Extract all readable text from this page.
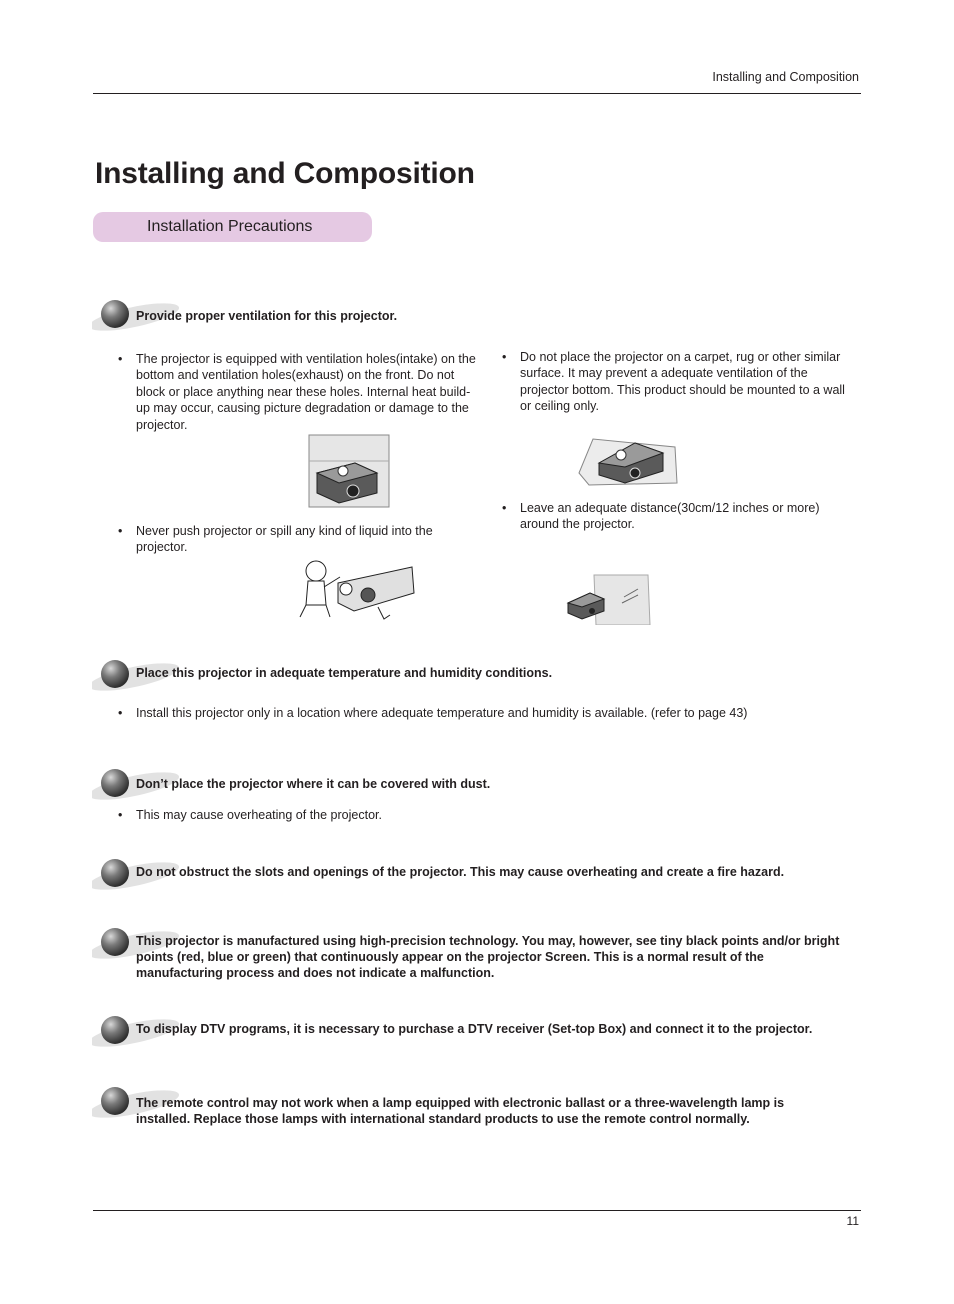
Installing and Composition
Installing and Composition
Installation Precautions
Provide proper ventilation for this projector.
• The projector is equipped with ventilation holes(intake) on the bottom and ventilation holes(exhaust) on the front. Do not block or place anything near these holes. Internal heat build-up may occur, causing picture degradation or damage to the projector.
• Never push projector or spill any kind of liquid into the projector.
• Do not place the projector on a carpet, rug or other similar surface. It may prevent a adequate ventilation of the projector bottom. This product should be mounted to a wall or ceiling only.
• Leave an adequate distance(30cm/12 inches or more) around the projector.
Place this projector in adequate temperature and humidity conditions.
• Install this projector only in a location where adequate temperature and humidity is available. (refer to page 43)
Don’t place the projector where it can be covered with dust.
• This may cause overheating of the projector.
Do not obstruct the slots and openings of the projector. This may cause overheating and create a fire hazard.
This projector is manufactured using high-precision technology. You may, however, see tiny black points and/or bright points (red, blue or green) that continuously appear on the projector Screen. This is a normal result of the manufacturing process and does not indicate a malfunction.
To display DTV programs, it is necessary to purchase a DTV receiver (Set-top Box) and connect it to the projector.
The remote control may not work when a lamp equipped with electronic ballast or a three-wavelength lamp is installed. Replace those lamps with international standard products to use the remote control normally.
11
